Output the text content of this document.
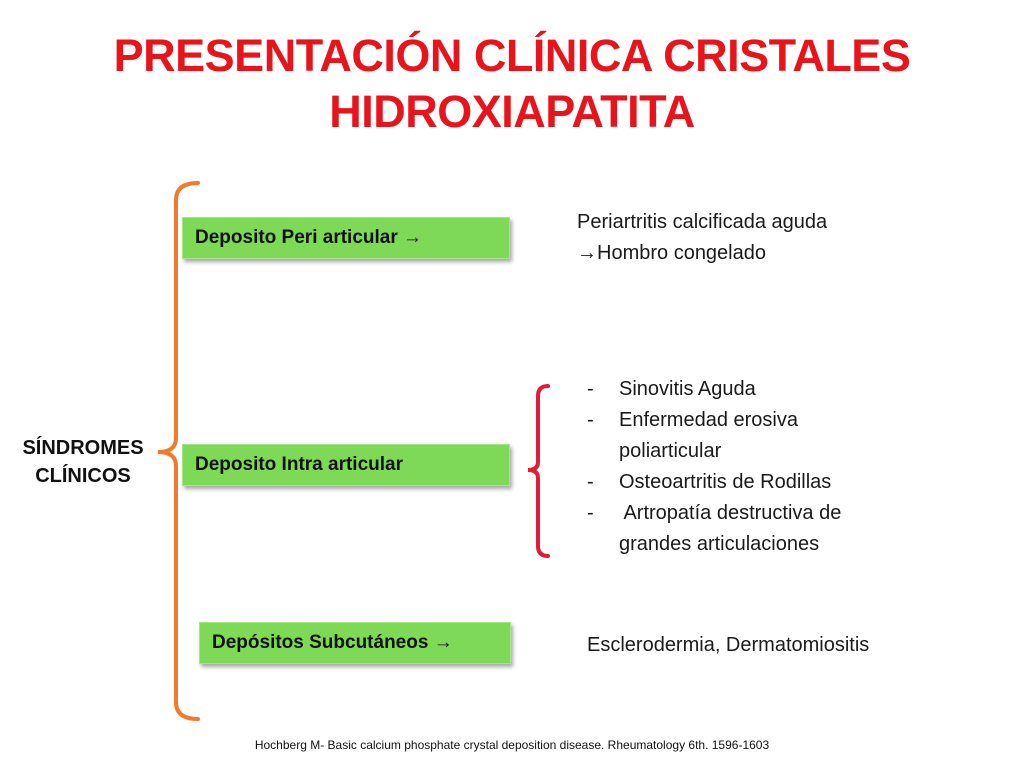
PRESENTACIÓN CLÍNICA CRISTALES
HIDROXIAPATITA
SÍNDROMES
CLÍNICOS
Deposito Peri articular →
Periartritis calcificada aguda
→Hombro congelado
Deposito Intra articular
- Sinovitis Aguda
- Enfermedad erosiva
poliarticular
- Osteoartritis de Rodillas
- Artropatía destructiva de
grandes articulaciones
Depósitos Subcutáneos →	Esclerodermia, Dermatomiositis
Hochberg M- Basic calcium phosphate crystal deposition disease. Rheumatology 6th. 1596-1603
